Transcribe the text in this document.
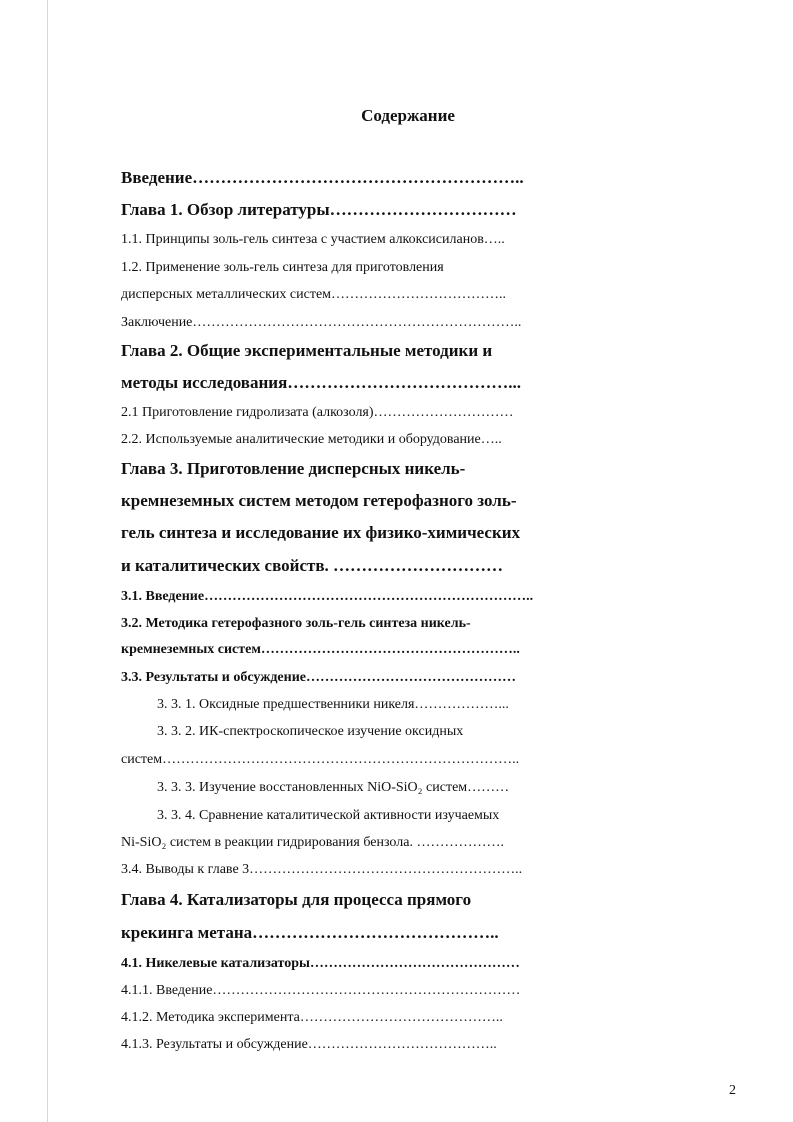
Содержание
Введение…………………………………………………..
Глава 1. Обзор литературы……………………………
1.1. Принципы золь-гель синтеза с участием алкоксисиланов…..
1.2. Применение золь-гель синтеза для приготовления
дисперсных металлических систем………………………………..
Заключение……………………………………………………………..
Глава 2. Общие экспериментальные методики и
методы исследования…………………………………...
2.1 Приготовление гидролизата (алкозоля)…………………………
2.2. Используемые аналитические методики и оборудование…..
Глава 3. Приготовление дисперсных никель-
кремнеземных систем методом гетерофазного золь-
гель синтеза и исследование их физико-химических
и каталитических свойств. …………………………
3.1. Введение……………………………………………………………..
3.2. Методика гетерофазного золь-гель синтеза никель-
кремнеземных систем………………………………………………..
3.3. Результаты и обсуждение………………………………………
3. 3. 1. Оксидные предшественники никеля………………...
3. 3. 2. ИК-спектроскопическое изучение оксидных
систем…………………………………………………………………..
3. 3. 3. Изучение восстановленных NiO-SiO₂ систем………
3. 3. 4. Сравнение каталитической активности изучаемых
Ni-SiO₂ систем в реакции гидрирования бензола. ……………….
3.4. Выводы к главе 3…………………………………………………..
Глава 4. Катализаторы для процесса прямого
крекинга метана……………………………………..
4.1. Никелевые катализаторы………………………………………
4.1.1. Введение…………………………………………………………
4.1.2. Методика эксперимента……………………………………..
4.1.3. Результаты и обсуждение…………………………………..
2
